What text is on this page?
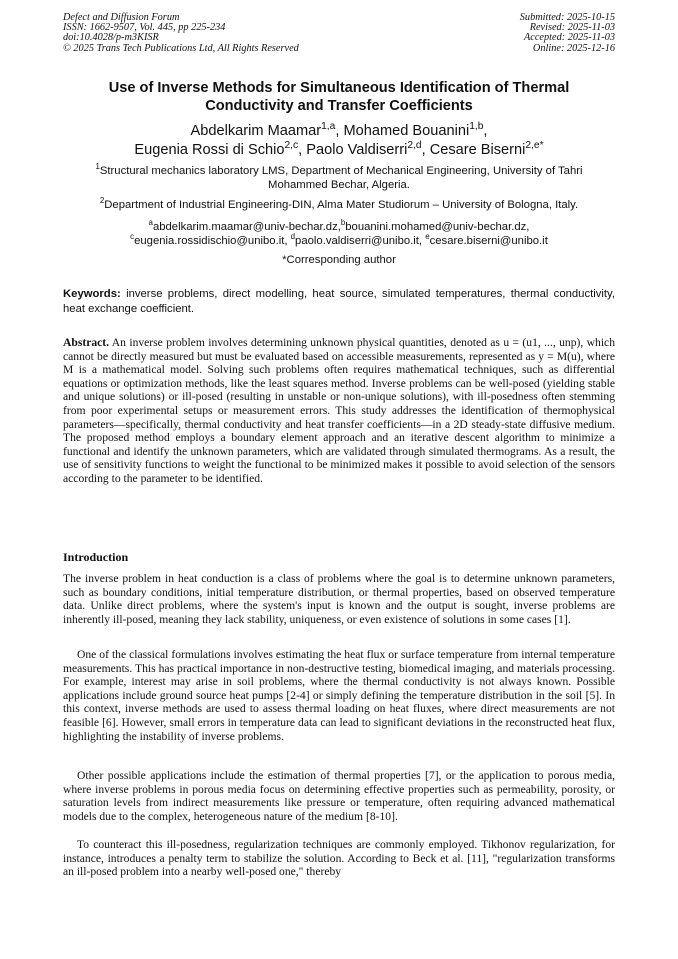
Defect and Diffusion Forum
ISSN: 1662-9507, Vol. 445, pp 225-234
doi:10.4028/p-m3KISR
© 2025 Trans Tech Publications Ltd, All Rights Reserved
Submitted: 2025-10-15
Revised: 2025-11-03
Accepted: 2025-11-03
Online: 2025-12-16
Use of Inverse Methods for Simultaneous Identification of Thermal
Conductivity and Transfer Coefficients
Abdelkarim Maamar$^{1,a}$, Mohamed Bouanini$^{1,b}$,
Eugenia Rossi di Schio$^{2,c}$, Paolo Valdiserri$^{2,d}$, Cesare Biserni$^{2,e*}$
$^1$Structural mechanics laboratory LMS, Department of Mechanical Engineering, University of Tahri Mohammed Bechar, Algeria.
$^2$Department of Industrial Engineering-DIN, Alma Mater Studiorum – University of Bologna, Italy.
$^a$abdelkarim.maamar@univ-bechar.dz,$^b$bouanini.mohamed@univ-bechar.dz,
$^c$eugenia.rossidischio@unibo.it, $^d$paolo.valdiserri@unibo.it, $^e$cesare.biserni@unibo.it
*Corresponding author
Keywords: inverse problems, direct modelling, heat source, simulated temperatures, thermal conductivity, heat exchange coefficient.
Abstract. An inverse problem involves determining unknown physical quantities, denoted as u = (u1, ..., unp), which cannot be directly measured but must be evaluated based on accessible measurements, represented as y = M(u), where M is a mathematical model. Solving such problems often requires mathematical techniques, such as differential equations or optimization methods, like the least squares method. Inverse problems can be well-posed (yielding stable and unique solutions) or ill-posed (resulting in unstable or non-unique solutions), with ill-posedness often stemming from poor experimental setups or measurement errors. This study addresses the identification of thermophysical parameters—specifically, thermal conductivity and heat transfer coefficients—in a 2D steady-state diffusive medium. The proposed method employs a boundary element approach and an iterative descent algorithm to minimize a functional and identify the unknown parameters, which are validated through simulated thermograms. As a result, the use of sensitivity functions to weight the functional to be minimized makes it possible to avoid selection of the sensors according to the parameter to be identified.
Introduction
The inverse problem in heat conduction is a class of problems where the goal is to determine unknown parameters, such as boundary conditions, initial temperature distribution, or thermal properties, based on observed temperature data. Unlike direct problems, where the system's input is known and the output is sought, inverse problems are inherently ill-posed, meaning they lack stability, uniqueness, or even existence of solutions in some cases [1].
One of the classical formulations involves estimating the heat flux or surface temperature from internal temperature measurements. This has practical importance in non-destructive testing, biomedical imaging, and materials processing. For example, interest may arise in soil problems, where the thermal conductivity is not always known. Possible applications include ground source heat pumps [2-4] or simply defining the temperature distribution in the soil [5]. In this context, inverse methods are used to assess thermal loading on heat fluxes, where direct measurements are not feasible [6]. However, small errors in temperature data can lead to significant deviations in the reconstructed heat flux, highlighting the instability of inverse problems.
Other possible applications include the estimation of thermal properties [7], or the application to porous media, where inverse problems in porous media focus on determining effective properties such as permeability, porosity, or saturation levels from indirect measurements like pressure or temperature, often requiring advanced mathematical models due to the complex, heterogeneous nature of the medium [8-10].
To counteract this ill-posedness, regularization techniques are commonly employed. Tikhonov regularization, for instance, introduces a penalty term to stabilize the solution. According to Beck et al. [11], "regularization transforms an ill-posed problem into a nearby well-posed one," thereby
